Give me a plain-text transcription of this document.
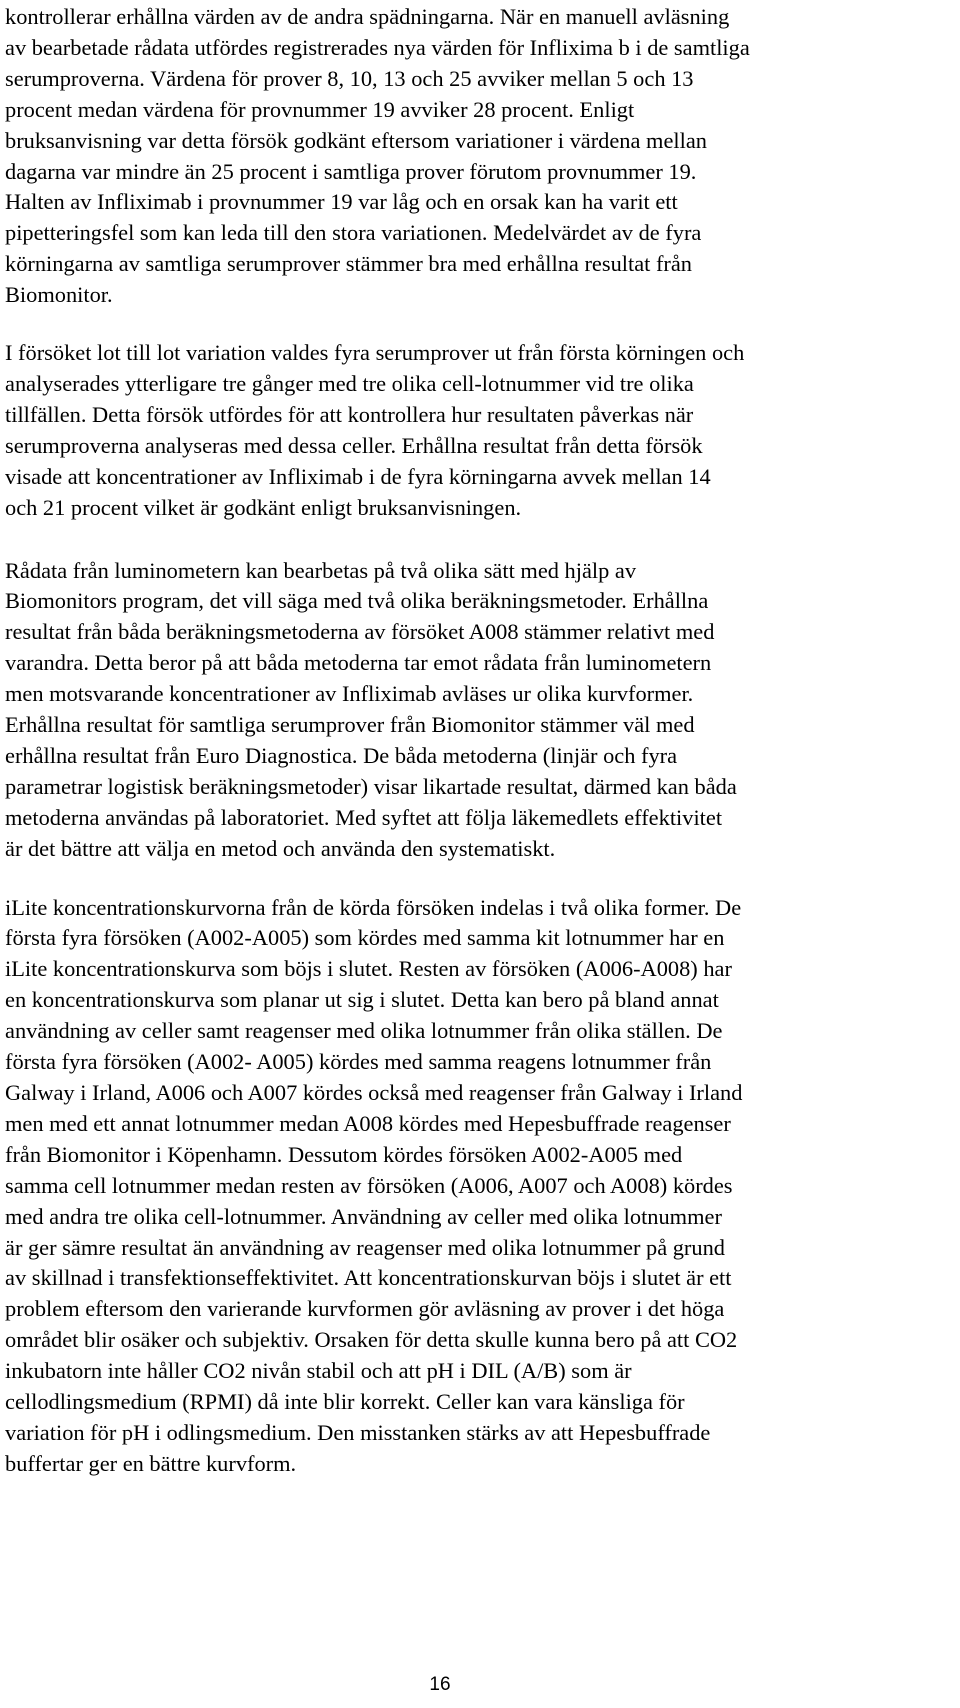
kontrollerar erhållna värden av de andra spädningarna. När en manuell avläsning
av bearbetade rådata utfördes registrerades nya värden för Inflixima b i de samtliga
serumproverna. Värdena för prover 8, 10, 13 och 25 avviker mellan 5 och 13
procent medan värdena för provnummer 19 avviker 28 procent. Enligt
bruksanvisning var detta försök godkänt eftersom variationer i värdena mellan
dagarna var mindre än 25 procent i samtliga prover förutom provnummer 19.
Halten av Infliximab i provnummer 19 var låg och en orsak kan ha varit ett
pipetteringsfel som kan leda till den stora variationen. Medelvärdet av de fyra
körningarna av samtliga serumprover stämmer bra med erhållna resultat från
Biomonitor.

I försöket lot till lot variation valdes fyra serumprover ut från första körningen och
analyserades ytterligare tre gånger med tre olika cell-lotnummer vid tre olika
tillfällen. Detta försök utfördes för att kontrollera hur resultaten påverkas när
serumproverna analyseras med dessa celler. Erhållna resultat från detta försök
visade att koncentrationer av Infliximab i de fyra körningarna avvek mellan 14
och 21 procent vilket är godkänt enligt bruksanvisningen.

Rådata från luminometern kan bearbetas på två olika sätt med hjälp av
Biomonitors program, det vill säga med två olika beräkningsmetoder. Erhållna
resultat från båda beräkningsmetoderna av försöket A008 stämmer relativt med
varandra. Detta beror på att båda metoderna tar emot rådata från luminometern
men motsvarande koncentrationer av Infliximab avläses ur olika kurvformer.
Erhållna resultat för samtliga serumprover från Biomonitor stämmer väl med
erhållna resultat från Euro Diagnostica. De båda metoderna (linjär och fyra
parametrar logistisk beräkningsmetoder) visar likartade resultat, därmed kan båda
metoderna användas på laboratoriet. Med syftet att följa läkemedlets effektivitet
är det bättre att välja en metod och använda den systematiskt.

iLite koncentrationskurvorna från de körda försöken indelas i två olika former. De
första fyra försöken (A002-A005) som kördes med samma kit lotnummer har en
iLite koncentrationskurva som böjs i slutet. Resten av försöken (A006-A008) har
en koncentrationskurva som planar ut sig i slutet. Detta kan bero på bland annat
användning av celler samt reagenser med olika lotnummer från olika ställen. De
första fyra försöken (A002- A005) kördes med samma reagens lotnummer från
Galway i Irland, A006 och A007 kördes också med reagenser från Galway i Irland
men med ett annat lotnummer medan A008 kördes med Hepesbuffrade reagenser
från Biomonitor i Köpenhamn. Dessutom kördes försöken A002-A005 med
samma cell lotnummer medan resten av försöken (A006, A007 och A008) kördes
med andra tre olika cell-lotnummer. Användning av celler med olika lotnummer
är ger sämre resultat än användning av reagenser med olika lotnummer på grund
av skillnad i transfektionseffektivitet. Att koncentrationskurvan böjs i slutet är ett
problem eftersom den varierande kurvformen gör avläsning av prover i det höga
området blir osäker och subjektiv. Orsaken för detta skulle kunna bero på att CO2
inkubatorn inte håller CO2 nivån stabil och att pH i DIL (A/B) som är
cellodlingsmedium (RPMI) då inte blir korrekt. Celler kan vara känsliga för
variation för pH i odlingsmedium. Den misstanken stärks av att Hepesbuffrade
buffertar ger en bättre kurvform.

16
